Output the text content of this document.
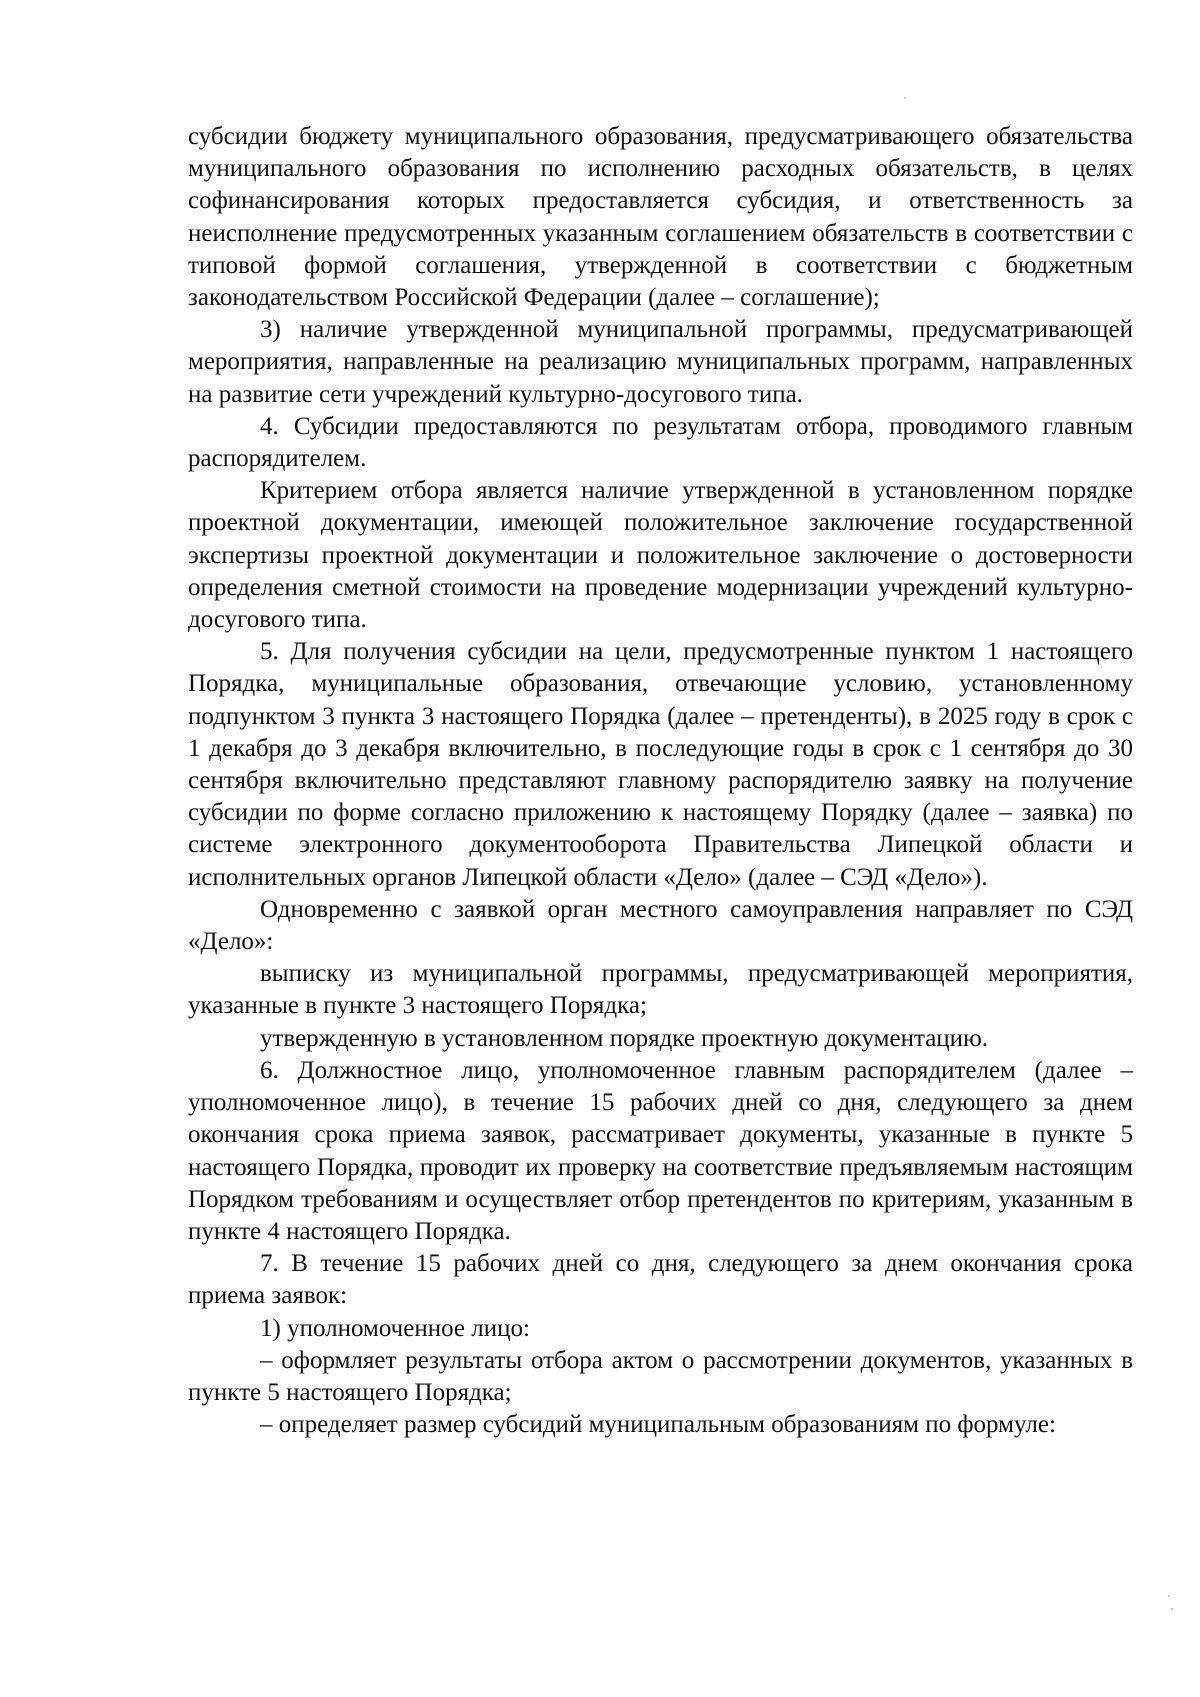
субсидии бюджету муниципального образования, предусматривающего обязательства муниципального образования по исполнению расходных обязательств, в целях софинансирования которых предоставляется субсидия, и ответственность за неисполнение предусмотренных указанным соглашением обязательств в соответствии с типовой формой соглашения, утвержденной в соответствии с бюджетным законодательством Российской Федерации (далее – соглашение);

3) наличие утвержденной муниципальной программы, предусматривающей мероприятия, направленные на реализацию муниципальных программ, направленных на развитие сети учреждений культурно-досугового типа.

4. Субсидии предоставляются по результатам отбора, проводимого главным распорядителем.

Критерием отбора является наличие утвержденной в установленном порядке проектной документации, имеющей положительное заключение государственной экспертизы проектной документации и положительное заключение о достоверности определения сметной стоимости на проведение модернизации учреждений культурно-досугового типа.

5. Для получения субсидии на цели, предусмотренные пунктом 1 настоящего Порядка, муниципальные образования, отвечающие условию, установленному подпунктом 3 пункта 3 настоящего Порядка (далее – претенденты), в 2025 году в срок с 1 декабря до 3 декабря включительно, в последующие годы в срок с 1 сентября до 30 сентября включительно представляют главному распорядителю заявку на получение субсидии по форме согласно приложению к настоящему Порядку (далее – заявка) по системе электронного документооборота Правительства Липецкой области и исполнительных органов Липецкой области «Дело» (далее – СЭД «Дело»).

Одновременно с заявкой орган местного самоуправления направляет по СЭД «Дело»:

выписку из муниципальной программы, предусматривающей мероприятия, указанные в пункте 3 настоящего Порядка;

утвержденную в установленном порядке проектную документацию.

6. Должностное лицо, уполномоченное главным распорядителем (далее – уполномоченное лицо), в течение 15 рабочих дней со дня, следующего за днем окончания срока приема заявок, рассматривает документы, указанные в пункте 5 настоящего Порядка, проводит их проверку на соответствие предъявляемым настоящим Порядком требованиям и осуществляет отбор претендентов по критериям, указанным в пункте 4 настоящего Порядка.

7. В течение 15 рабочих дней со дня, следующего за днем окончания срока приема заявок:

1) уполномоченное лицо:

– оформляет результаты отбора актом о рассмотрении документов, указанных в пункте 5 настоящего Порядка;

– определяет размер субсидий муниципальным образованиям по формуле:
